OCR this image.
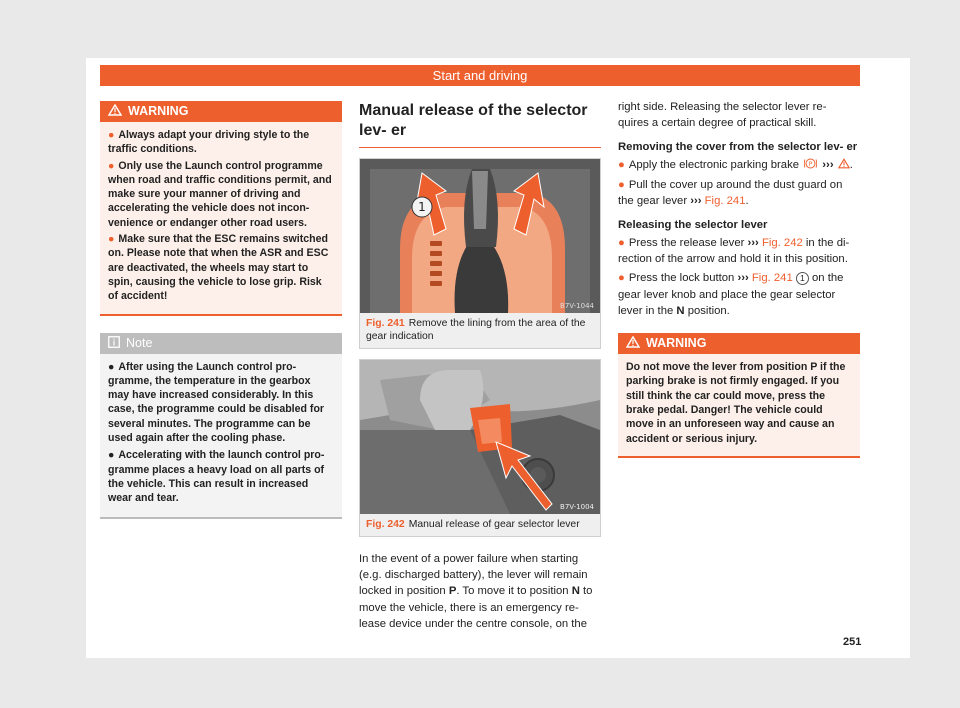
Start and driving
WARNING

● Always adapt your driving style to the traffic conditions.

● Only use the Launch control programme when road and traffic conditions permit, and make sure your manner of driving and accelerating the vehicle does not incon- venience or endanger other road users.

● Make sure that the ESC remains switched on. Please note that when the ASR and ESC are deactivated, the wheels may start to spin, causing the vehicle to lose grip. Risk of accident!

Note

● After using the Launch control pro- gramme, the temperature in the gearbox may have increased considerably. In this case, the programme could be disabled for several minutes. The programme can be used again after the cooling phase.

● Accelerating with the launch control pro- gramme places a heavy load on all parts of the vehicle. This can result in increased wear and tear.

Manual release of the selector lev- er
1
B7V-1044
Fig. 241 Remove the lining from the area of the gear indication
B7V-1004
Fig. 242 Manual release of gear selector lever

In the event of a power failure when starting (e.g. discharged battery), the lever will remain locked in position P. To move it to position N to move the vehicle, there is an emergency re- lease device under the centre console, on the

right side. Releasing the selector lever re- quires a certain degree of practical skill.

Removing the cover from the selector lev- er

● Apply the electronic parking brake P ››› .

● Pull the cover up around the dust guard on the gear lever ››› Fig. 241.

Releasing the selector lever

● Press the release lever ››› Fig. 242 in the di- rection of the arrow and hold it in this position.

● Press the lock button ››› Fig. 241 1 on the gear lever knob and place the gear selector lever in the N position.

WARNING

Do not move the lever from position P if the parking brake is not firmly engaged. If you still think the car could move, press the brake pedal. Danger! The vehicle could move in an unforeseen way and cause an accident or serious injury.

251
